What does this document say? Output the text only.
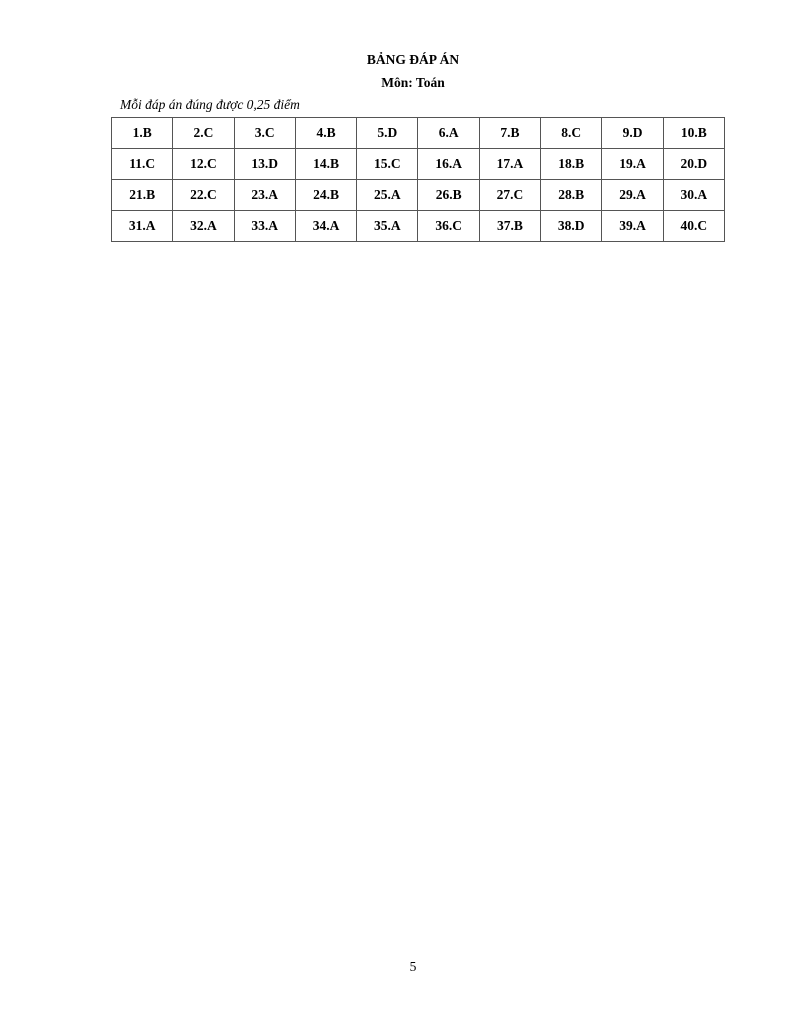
BẢNG ĐÁP ÁN
Môn: Toán
Mỗi đáp án đúng được 0,25 điểm
1.B	2.C	3.C	4.B	5.D	6.A	7.B	8.C	9.D	10.B
11.C	12.C	13.D	14.B	15.C	16.A	17.A	18.B	19.A	20.D
21.B	22.C	23.A	24.B	25.A	26.B	27.C	28.B	29.A	30.A
31.A	32.A	33.A	34.A	35.A	36.C	37.B	38.D	39.A	40.C
5
